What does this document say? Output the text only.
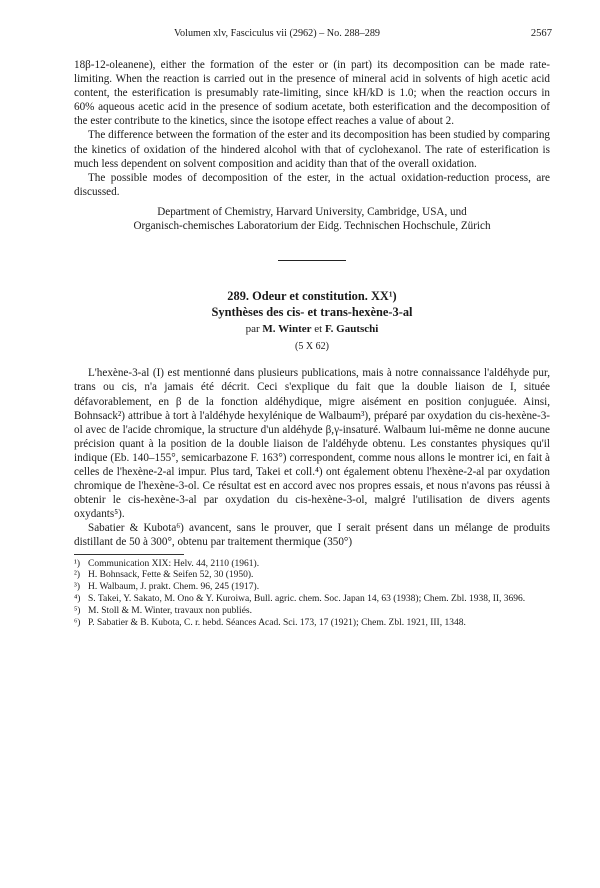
Volumen xlv, Fasciculus vii (2962) – No. 288–289	2567

18β-12-oleanene), either the formation of the ester or (in part) its decomposition can be made rate-limiting. When the reaction is carried out in the presence of mineral acid in solvents of high acetic acid content, the esterification is presumably rate-limiting, since kH/kD is 1.0; when the reaction occurs in 60% aqueous acetic acid in the presence of sodium acetate, both esterification and the decomposition of the ester contribute to the kinetics, since the isotope effect reaches a value of about 2.

The difference between the formation of the ester and its decomposition has been studied by comparing the kinetics of oxidation of the hindered alcohol with that of cyclohexanol. The rate of esterification is much less dependent on solvent composition and acidity than that of the overall oxidation.

The possible modes of decomposition of the ester, in the actual oxidation-reduction process, are discussed.

Department of Chemistry, Harvard University, Cambridge, USA, und
Organisch-chemisches Laboratorium der Eidg. Technischen Hochschule, Zürich
289. Odeur et constitution. XX¹)
Synthèses des cis- et trans-hexène-3-al
par M. Winter et F. Gautschi
(5 X 62)

L'hexène-3-al (I) est mentionné dans plusieurs publications, mais à notre connaissance l'aldéhyde pur, trans ou cis, n'a jamais été décrit. Ceci s'explique du fait que la double liaison de I, située défavorablement, en β de la fonction aldéhydique, migre aisément en position conjuguée. Ainsi, Bohnsack²) attribue à tort à l'aldéhyde hexylénique de Walbaum³), préparé par oxydation du cis-hexène-3-ol avec de l'acide chromique, la structure d'un aldéhyde β,γ-insaturé. Walbaum lui-même ne donne aucune précision quant à la position de la double liaison de l'aldéhyde obtenu. Les constantes physiques qu'il indique (Eb. 140–155°, semicarbazone F. 163°) correspondent, comme nous allons le montrer ici, en fait à celles de l'hexène-2-al impur. Plus tard, Takei et coll.⁴) ont également obtenu l'hexène-2-al par oxydation chromique de l'hexène-3-ol. Ce résultat est en accord avec nos propres essais, et nous n'avons pas réussi à obtenir le cis-hexène-3-al par oxydation du cis-hexène-3-ol, malgré l'utilisation de divers agents oxydants⁵).

Sabatier & Kubota⁶) avancent, sans le prouver, que I serait présent dans un mélange de produits distillant de 50 à 300°, obtenu par traitement thermique (350°)

¹) Communication XIX: Helv. 44, 2110 (1961).
²) H. Bohnsack, Fette & Seifen 52, 30 (1950).
³) H. Walbaum, J. prakt. Chem. 96, 245 (1917).
⁴) S. Takei, Y. Sakato, M. Ono & Y. Kuroiwa, Bull. agric. chem. Soc. Japan 14, 63 (1938); Chem. Zbl. 1938, II, 3696.
⁵) M. Stoll & M. Winter, travaux non publiés.
⁶) P. Sabatier & B. Kubota, C. r. hebd. Séances Acad. Sci. 173, 17 (1921); Chem. Zbl. 1921, III, 1348.
